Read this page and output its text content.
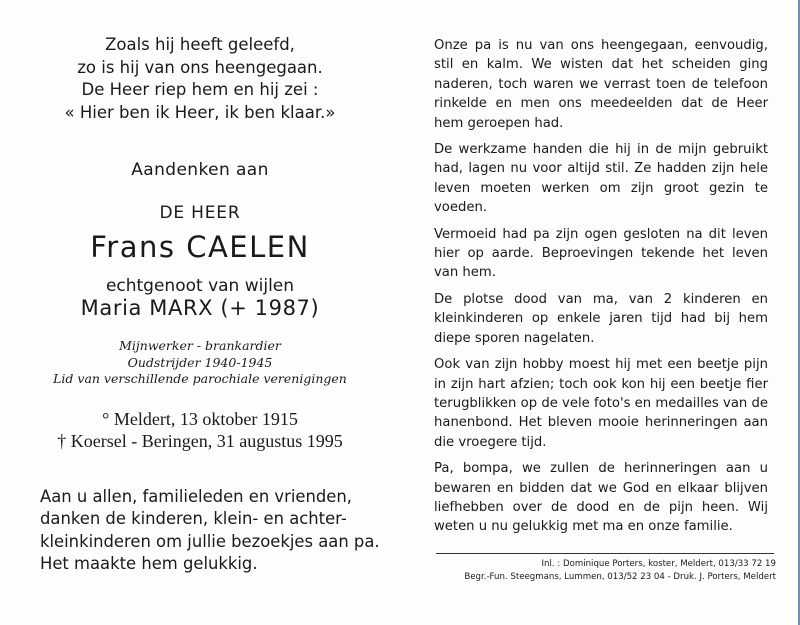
Zoals hij heeft geleefd,
zo is hij van ons heengegaan.
De Heer riep hem en hij zei :
« Hier ben ik Heer, ik ben klaar.»
Aandenken aan
DE HEER
Frans CAELEN
echtgenoot van wijlen
Maria MARX (+ 1987)
Mijnwerker - brankardier
Oudstrijder 1940-1945
Lid van verschillende parochiale verenigingen
° Meldert, 13 oktober 1915
† Koersel - Beringen, 31 augustus 1995
Aan u allen, familieleden en vrienden,
danken de kinderen, klein- en achter-
kleinkinderen om jullie bezoekjes aan pa.
Het maakte hem gelukkig.

Onze pa is nu van ons heengegaan, eenvoudig, stil en kalm. We wisten dat het scheiden ging naderen, toch waren we verrast toen de telefoon rinkelde en men ons meedeelden dat de Heer hem geroepen had.

De werkzame handen die hij in de mijn gebruikt had, lagen nu voor altijd stil. Ze hadden zijn hele leven moeten werken om zijn groot gezin te voeden.

Vermoeid had pa zijn ogen gesloten na dit leven hier op aarde. Beproevingen tekende het leven van hem.

De plotse dood van ma, van 2 kinderen en kleinkinderen op enkele jaren tijd had bij hem diepe sporen nagelaten.

Ook van zijn hobby moest hij met een beetje pijn in zijn hart afzien; toch ook kon hij een beetje fier terugblikken op de vele foto's en medailles van de hanenbond. Het bleven mooie herinneringen aan die vroegere tijd.

Pa, bompa, we zullen de herinneringen aan u bewaren en bidden dat we God en elkaar blijven liefhebben over de dood en de pijn heen. Wij weten u nu gelukkig met ma en onze familie.

Inl. : Dominique Porters, koster, Meldert, 013/33 72 19
Begr.-Fun. Steegmans, Lummen, 013/52 23 04 - Druk. J. Porters, Meldert
